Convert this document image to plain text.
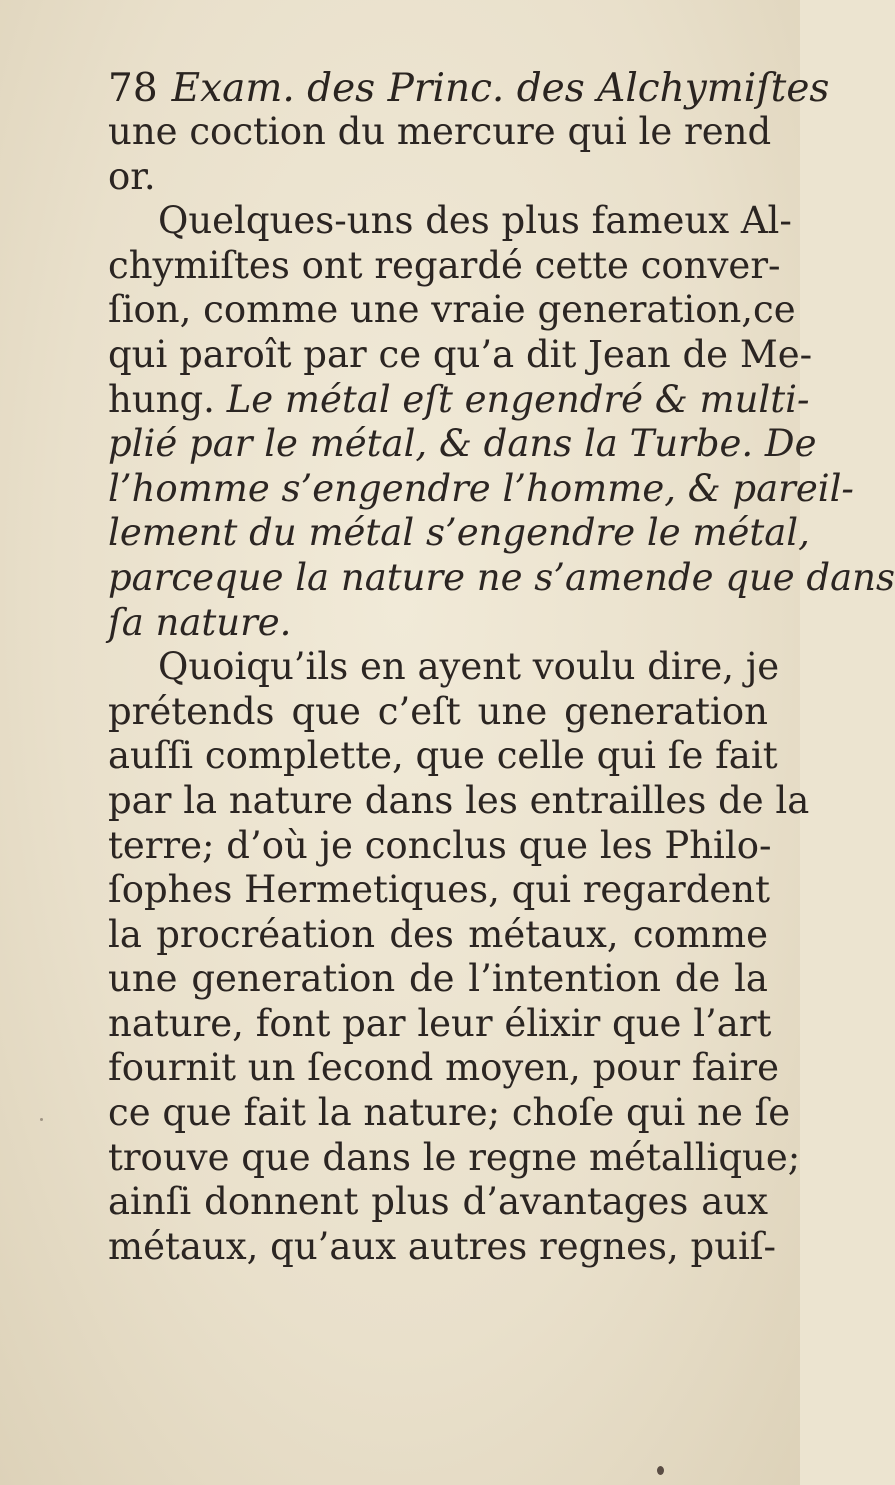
78 Exam. des Princ. des Alchymiſtes
une coction du mercure qui le rend
or.
Quelques-uns des plus fameux Al-
chymiſtes ont regardé cette conver-
ſion, comme une vraie generation,ce
qui paroît par ce qu’a dit Jean de Me-
hung. Le métal eſt engendré & multi-
plié par le métal, & dans la Turbe. De
l’homme s’engendre l’homme, & pareil-
lement du métal s’engendre le métal,
parceque la nature ne s’amende que dans
ſa nature.
Quoiqu’ils en ayent voulu dire, je
prétends que c’eſt une generation
auſſi complette, que celle qui ſe fait
par la nature dans les entrailles de la
terre; d’où je conclus que les Philo-
ſophes Hermetiques, qui regardent
la procréation des métaux, comme
une generation de l’intention de la
nature, font par leur élixir que l’art
fournit un ſecond moyen, pour faire
ce que fait la nature; choſe qui ne ſe
trouve que dans le regne métallique;
ainſi donnent plus d’avantages aux
métaux, qu’aux autres regnes, puiſ-
